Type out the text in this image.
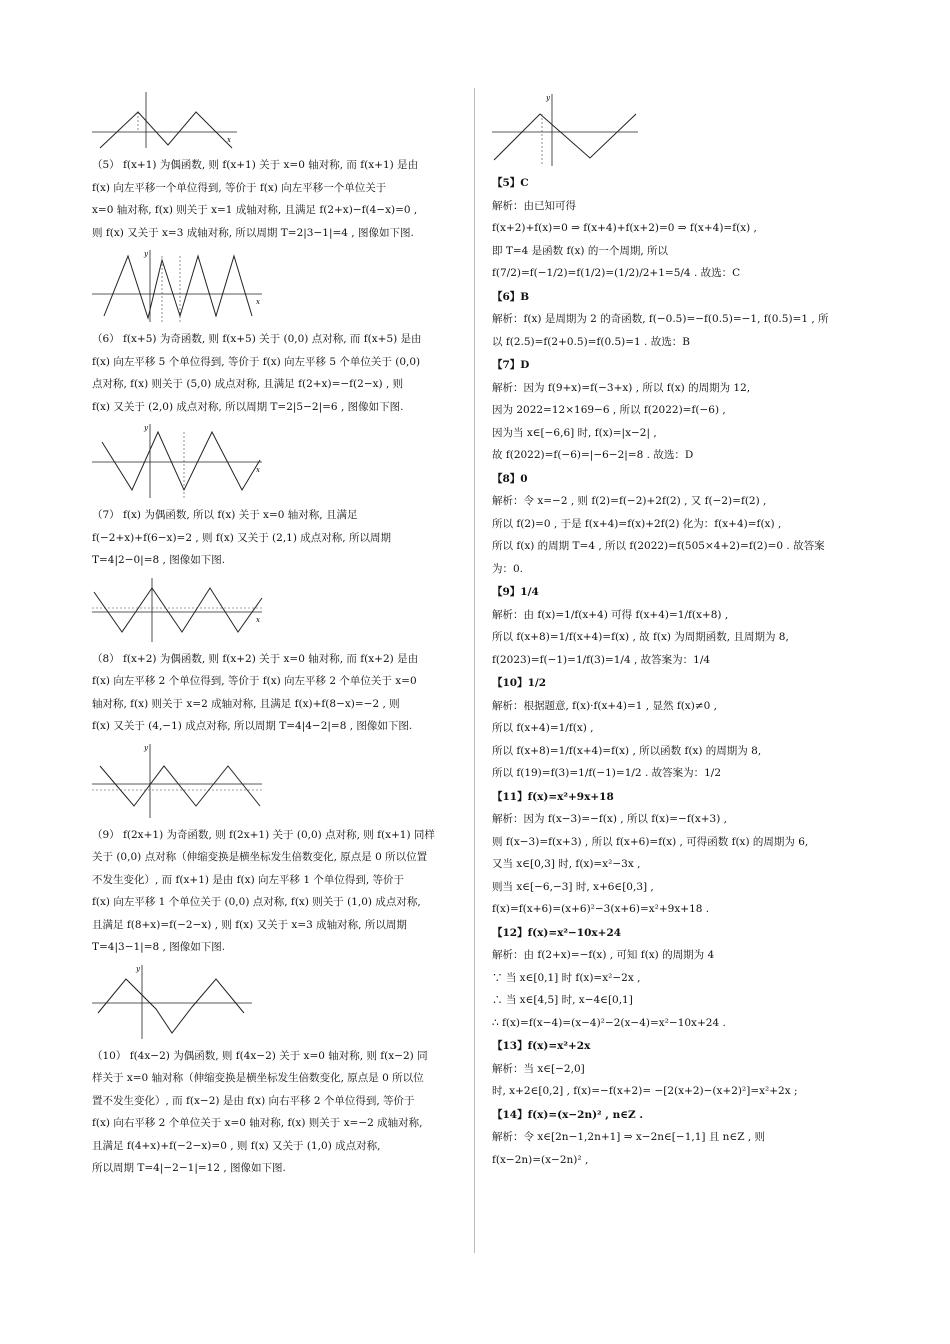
x
（5） f(x+1) 为偶函数, 则 f(x+1) 关于 x=0 轴对称, 而 f(x+1) 是由
f(x) 向左平移一个单位得到, 等价于 f(x) 向左平移一个单位关于
x=0 轴对称, f(x) 则关于 x=1 成轴对称, 且满足 f(2+x)−f(4−x)=0 ,
则 f(x) 又关于 x=3 成轴对称, 所以周期 T=2|3−1|=4 , 图像如下图.
y
x
（6） f(x+5) 为奇函数, 则 f(x+5) 关于 (0,0) 点对称, 而 f(x+5) 是由
f(x) 向左平移 5 个单位得到, 等价于 f(x) 向左平移 5 个单位关于 (0,0)
点对称, f(x) 则关于 (5,0) 成点对称, 且满足 f(2+x)=−f(2−x) , 则
f(x) 又关于 (2,0) 成点对称, 所以周期 T=2|5−2|=6 , 图像如下图.
y
x
（7） f(x) 为偶函数, 所以 f(x) 关于 x=0 轴对称, 且满足
f(−2+x)+f(6−x)=2 , 则 f(x) 又关于 (2,1) 成点对称, 所以周期
T=4|2−0|=8 , 图像如下图.
x
（8） f(x+2) 为偶函数, 则 f(x+2) 关于 x=0 轴对称, 而 f(x+2) 是由
f(x) 向左平移 2 个单位得到, 等价于 f(x) 向左平移 2 个单位关于 x=0
轴对称, f(x) 则关于 x=2 成轴对称, 且满足 f(x)+f(8−x)=−2 , 则
f(x) 又关于 (4,−1) 成点对称, 所以周期 T=4|4−2|=8 , 图像如下图.
y
（9） f(2x+1) 为奇函数, 则 f(2x+1) 关于 (0,0) 点对称, 则 f(x+1) 同样
关于 (0,0) 点对称（伸缩变换是横坐标发生倍数变化, 原点是 0 所以位置
不发生变化）, 而 f(x+1) 是由 f(x) 向左平移 1 个单位得到, 等价于
f(x) 向左平移 1 个单位关于 (0,0) 点对称, f(x) 则关于 (1,0) 成点对称,
且满足 f(8+x)=f(−2−x) , 则 f(x) 又关于 x=3 成轴对称, 所以周期
T=4|3−1|=8 , 图像如下图.
y
（10） f(4x−2) 为偶函数, 则 f(4x−2) 关于 x=0 轴对称, 则 f(x−2) 同
样关于 x=0 轴对称（伸缩变换是横坐标发生倍数变化, 原点是 0 所以位
置不发生变化）, 而 f(x−2) 是由 f(x) 向右平移 2 个单位得到, 等价于
f(x) 向右平移 2 个单位关于 x=0 轴对称, f(x) 则关于 x=−2 成轴对称,
且满足 f(4+x)+f(−2−x)=0 , 则 f(x) 又关于 (1,0) 成点对称,
所以周期 T=4|−2−1|=12 , 图像如下图.
y
【5】C
解析：由已知可得
f(x+2)+f(x)=0 ⇒ f(x+4)+f(x+2)=0 ⇒ f(x+4)=f(x) ,
即 T=4 是函数 f(x) 的一个周期, 所以
f(7/2)=f(−1/2)=f(1/2)=(1/2)/2+1=5/4 . 故选：C
【6】B
解析：f(x) 是周期为 2 的奇函数, f(−0.5)=−f(0.5)=−1, f(0.5)=1 , 所
以 f(2.5)=f(2+0.5)=f(0.5)=1 . 故选：B
【7】D
解析：因为 f(9+x)=f(−3+x) , 所以 f(x) 的周期为 12,
因为 2022=12×169−6 , 所以 f(2022)=f(−6) ,
因为当 x∈[−6,6] 时, f(x)=|x−2| ,
故 f(2022)=f(−6)=|−6−2|=8 . 故选：D
【8】0
解析：令 x=−2 , 则 f(2)=f(−2)+2f(2) , 又 f(−2)=f(2) ,
所以 f(2)=0 , 于是 f(x+4)=f(x)+2f(2) 化为：f(x+4)=f(x) ,
所以 f(x) 的周期 T=4 , 所以 f(2022)=f(505×4+2)=f(2)=0 . 故答案
为：0.
【9】1/4
解析：由 f(x)=1/f(x+4) 可得 f(x+4)=1/f(x+8) ,
所以 f(x+8)=1/f(x+4)=f(x) , 故 f(x) 为周期函数, 且周期为 8,
f(2023)=f(−1)=1/f(3)=1/4 , 故答案为：1/4
【10】1/2
解析：根据题意, f(x)·f(x+4)=1 , 显然 f(x)≠0 ,
所以 f(x+4)=1/f(x) ,
所以 f(x+8)=1/f(x+4)=f(x) , 所以函数 f(x) 的周期为 8,
所以 f(19)=f(3)=1/f(−1)=1/2 . 故答案为：1/2
【11】f(x)=x²+9x+18
解析：因为 f(x−3)=−f(x) , 所以 f(x)=−f(x+3) ,
则 f(x−3)=f(x+3) , 所以 f(x+6)=f(x) , 可得函数 f(x) 的周期为 6,
又当 x∈[0,3] 时, f(x)=x²−3x ,
则当 x∈[−6,−3] 时, x+6∈[0,3] ,
f(x)=f(x+6)=(x+6)²−3(x+6)=x²+9x+18 .
【12】f(x)=x²−10x+24
解析：由 f(2+x)=−f(x) , 可知 f(x) 的周期为 4
∵ 当 x∈[0,1] 时 f(x)=x²−2x ,
∴ 当 x∈[4,5] 时, x−4∈[0,1]
∴ f(x)=f(x−4)=(x−4)²−2(x−4)=x²−10x+24 .
【13】f(x)=x²+2x
解析：当 x∈[−2,0]
时, x+2∈[0,2] , f(x)=−f(x+2)= −[2(x+2)−(x+2)²]=x²+2x ;
【14】f(x)=(x−2n)² , n∈Z .
解析：令 x∈[2n−1,2n+1] ⇒ x−2n∈[−1,1] 且 n∈Z , 则
f(x−2n)=(x−2n)² ,
